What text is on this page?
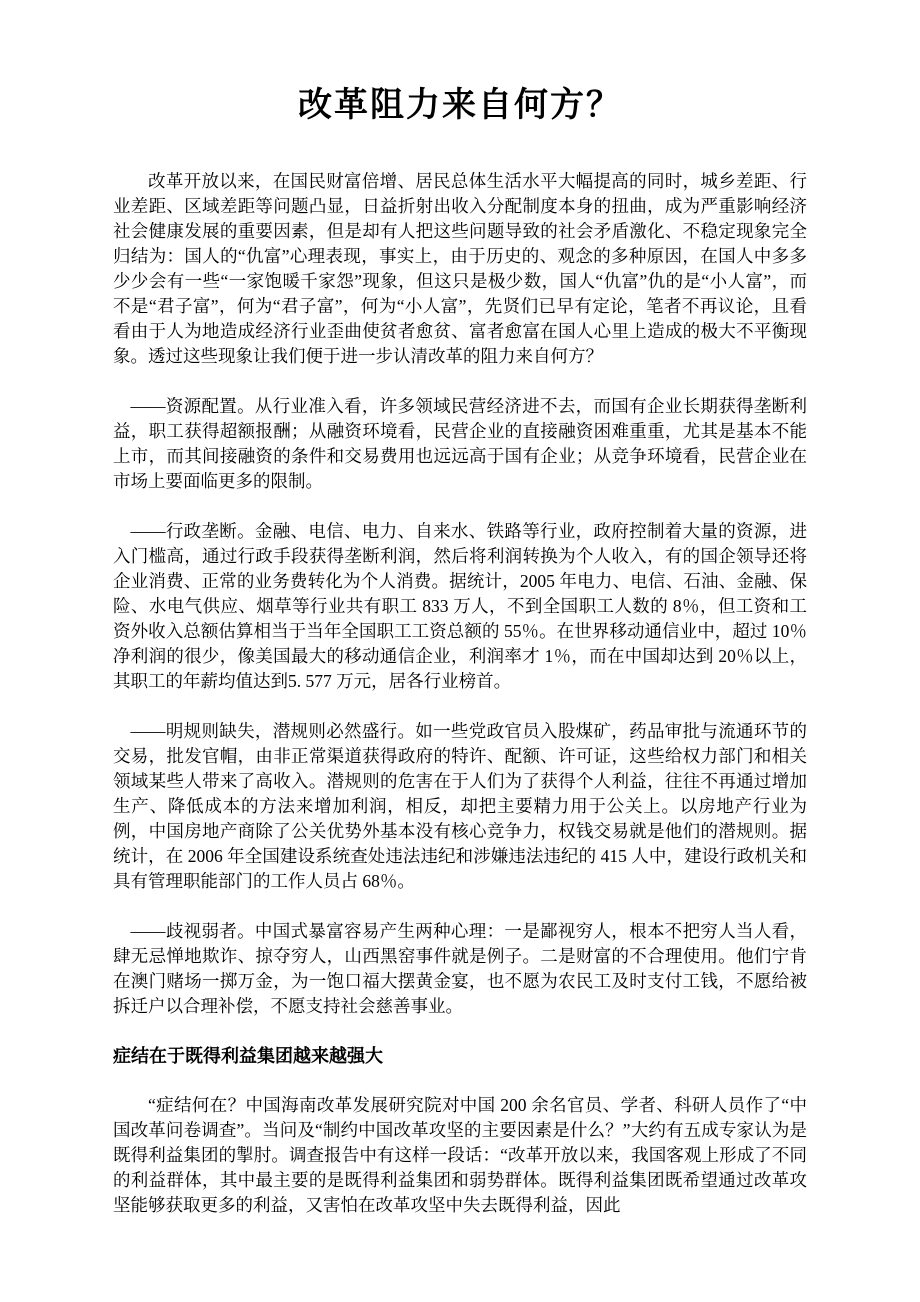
改革阻力来自何方？

改革开放以来，在国民财富倍增、居民总体生活水平大幅提高的同时，城乡差距、行业差距、区域差距等问题凸显，日益折射出收入分配制度本身的扭曲，成为严重影响经济社会健康发展的重要因素，但是却有人把这些问题导致的社会矛盾激化、不稳定现象完全归结为：国人的“仇富”心理表现，事实上，由于历史的、观念的多种原因，在国人中多多少少会有一些“一家饱暖千家怨”现象，但这只是极少数，国人“仇富”仇的是“小人富”，而不是“君子富”，何为“君子富”，何为“小人富”，先贤们已早有定论，笔者不再议论，且看看由于人为地造成经济行业歪曲使贫者愈贫、富者愈富在国人心里上造成的极大不平衡现象。透过这些现象让我们便于进一步认清改革的阻力来自何方？

——资源配置。从行业准入看，许多领域民营经济进不去，而国有企业长期获得垄断利益，职工获得超额报酬；从融资环境看，民营企业的直接融资困难重重，尤其是基本不能上市，而其间接融资的条件和交易费用也远远高于国有企业；从竞争环境看，民营企业在市场上要面临更多的限制。

——行政垄断。金融、电信、电力、自来水、铁路等行业，政府控制着大量的资源，进入门槛高，通过行政手段获得垄断利润，然后将利润转换为个人收入，有的国企领导还将企业消费、正常的业务费转化为个人消费。据统计，2005 年电力、电信、石油、金融、保险、水电气供应、烟草等行业共有职工 833 万人，不到全国职工人数的 8％，但工资和工资外收入总额估算相当于当年全国职工工资总额的 55％。在世界移动通信业中，超过 10％净利润的很少，像美国最大的移动通信企业，利润率才 1％，而在中国却达到 20％以上，其职工的年薪均值达到5. 577 万元，居各行业榜首。

——明规则缺失，潜规则必然盛行。如一些党政官员入股煤矿，药品审批与流通环节的交易，批发官帽，由非正常渠道获得政府的特许、配额、许可证，这些给权力部门和相关领域某些人带来了高收入。潜规则的危害在于人们为了获得个人利益，往往不再通过增加生产、降低成本的方法来增加利润，相反，却把主要精力用于公关上。以房地产行业为例，中国房地产商除了公关优势外基本没有核心竞争力，权钱交易就是他们的潜规则。据统计，在 2006 年全国建设系统查处违法违纪和涉嫌违法违纪的 415 人中，建设行政机关和具有管理职能部门的工作人员占 68％。

——歧视弱者。中国式暴富容易产生两种心理：一是鄙视穷人，根本不把穷人当人看，肆无忌惮地欺诈、掠夺穷人，山西黑窑事件就是例子。二是财富的不合理使用。他们宁肯在澳门赌场一掷万金，为一饱口福大摆黄金宴，也不愿为农民工及时支付工钱，不愿给被拆迁户以合理补偿，不愿支持社会慈善事业。

症结在于既得利益集团越来越强大

“症结何在？中国海南改革发展研究院对中国 200 余名官员、学者、科研人员作了“中国改革问卷调查”。当问及“制约中国改革攻坚的主要因素是什么？”大约有五成专家认为是既得利益集团的掣肘。调查报告中有这样一段话：“改革开放以来，我国客观上形成了不同的利益群体，其中最主要的是既得利益集团和弱势群体。既得利益集团既希望通过改革攻坚能够获取更多的利益，又害怕在改革攻坚中失去既得利益，因此
